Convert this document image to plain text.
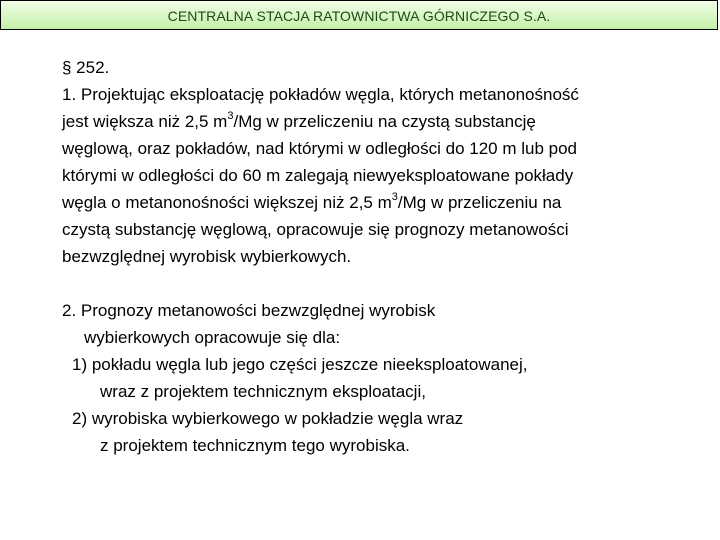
CENTRALNA STACJA RATOWNICTWA GÓRNICZEGO S.A.
§ 252.
1. Projektując eksploatację pokładów węgla, których metanonośność
jest większa niż 2,5 $m^3/Mg$ w przeliczeniu na czystą substancję
węglową, oraz pokładów, nad którymi w odległości do 120 m lub pod
którymi w odległości do 60 m zalegają niewyeksploatowane pokłady
węgla o metanonośności większej niż 2,5 $m^3/Mg$ w przeliczeniu na
czystą substancję węglową, opracowuje się prognozy metanowości
bezwzględnej wyrobisk wybierkowych.
2. Prognozy metanowości bezwzględnej wyrobisk
wybierkowych opracowuje się dla:
1) pokładu węgla lub jego części jeszcze nieeksploatowanej,
wraz z projektem technicznym eksploatacji,
2) wyrobiska wybierkowego w pokładzie węgla wraz
z projektem technicznym tego wyrobiska.
